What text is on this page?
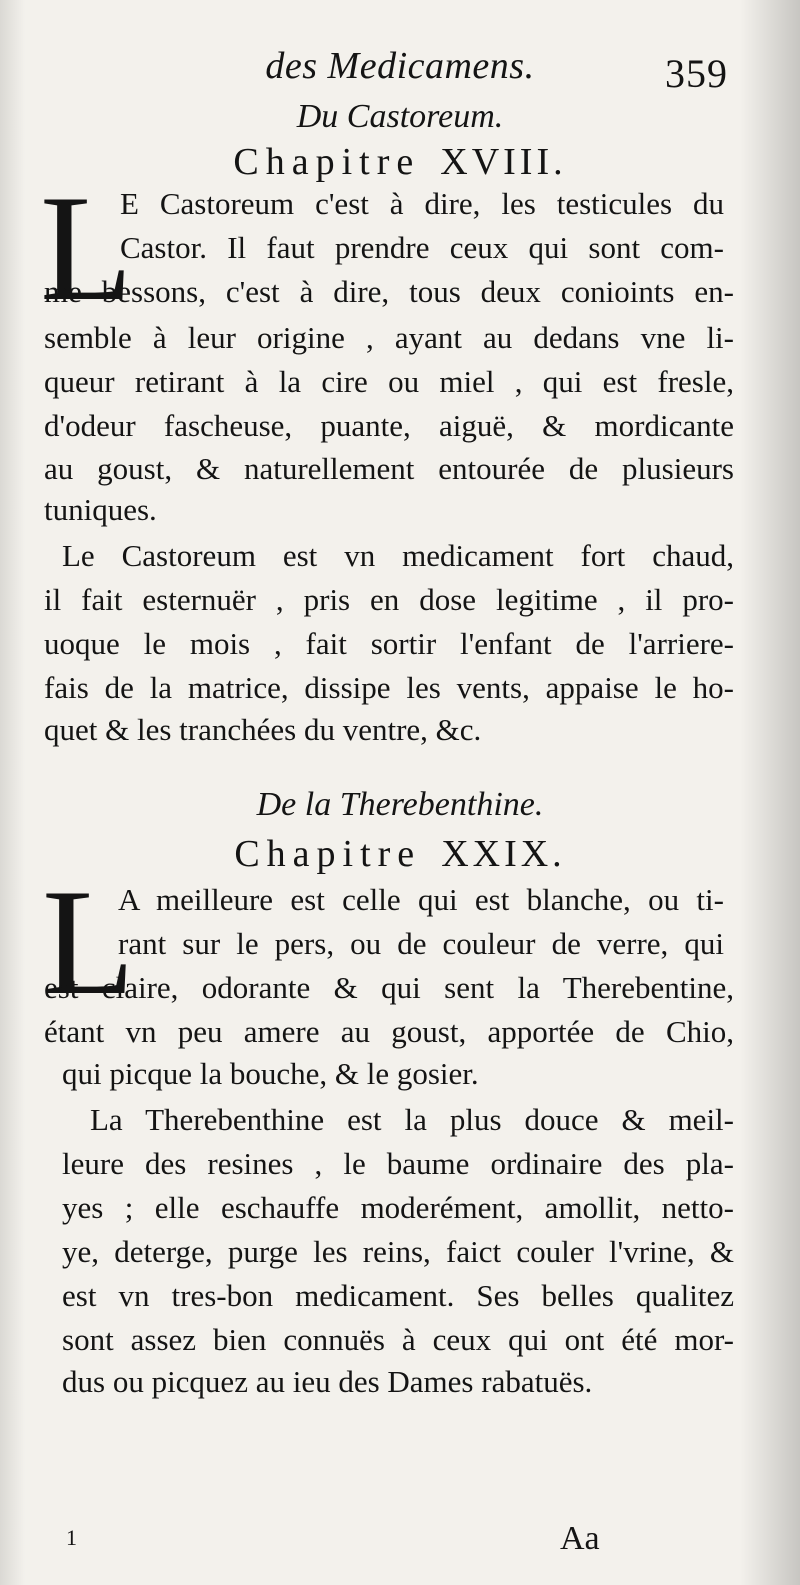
des Medicamens.	359
Du Castoreum.
Chapitre XVIII.
L
E Castoreum c'est à dire, les testicules du
Castor. Il faut prendre ceux qui sont com-
me bessons, c'est à dire, tous deux conioints en-
semble à leur origine , ayant au dedans vne li-
queur retirant à la cire ou miel , qui est fresle,
d'odeur fascheuse, puante, aiguë, & mordicante
au goust, & naturellement entourée de plusieurs
tuniques.
Le Castoreum est vn medicament fort chaud,
il fait esternuër , pris en dose legitime , il pro-
uoque le mois , fait sortir l'enfant de l'arriere-
fais de la matrice, dissipe les vents, appaise le ho-
quet & les tranchées du ventre, &c.
De la Therebenthine.
Chapitre XXIX.
L
A meilleure est celle qui est blanche, ou ti-
rant sur le pers, ou de couleur de verre, qui
est claire, odorante & qui sent la Therebentine,
étant vn peu amere au goust, apportée de Chio,
qui picque la bouche, & le gosier.
La Therebenthine est la plus douce & meil-
leure des resines , le baume ordinaire des pla-
yes ; elle eschauffe moderément, amollit, netto-
ye, deterge, purge les reins, faict couler l'vrine, &
est vn tres-bon medicament. Ses belles qualitez
sont assez bien connuës à ceux qui ont été mor-
dus ou picquez au ieu des Dames rabatuës.
1	Aa
